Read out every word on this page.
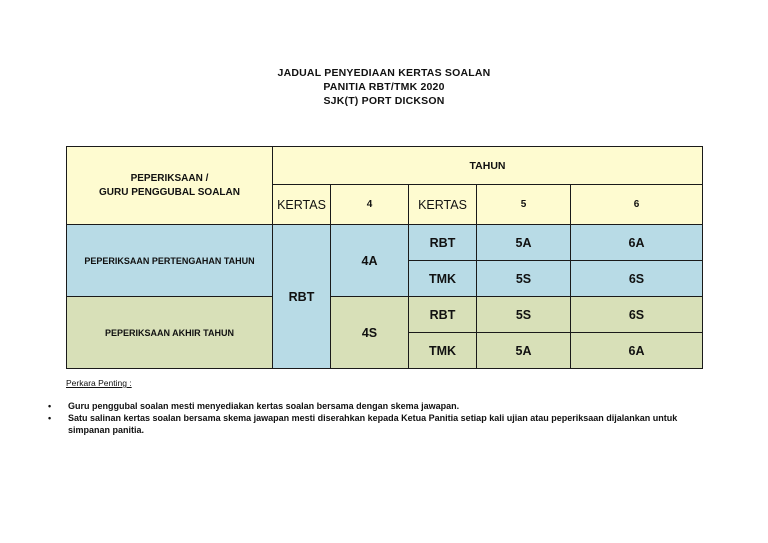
JADUAL PENYEDIAAN KERTAS SOALAN
PANITIA RBT/TMK 2020
SJK(T) PORT DICKSON
PEPERIKSAAN /
GURU PENGGUBAL SOALAN	TAHUN				
	KERTAS	4	KERTAS	5	6
PEPERIKSAAN PERTENGAHAN TAHUN	RBT	4A	RBT	5A	6A
			TMK	5S	6S
PEPERIKSAAN AKHIR TAHUN		4S	RBT	5S	6S
			TMK	5A	6A
Perkara Penting :
• Guru penggubal soalan mesti menyediakan kertas soalan bersama dengan skema jawapan.
• Satu salinan kertas soalan bersama skema jawapan mesti diserahkan kepada Ketua Panitia setiap kali ujian atau peperiksaan dijalankan untuk simpanan panitia.
